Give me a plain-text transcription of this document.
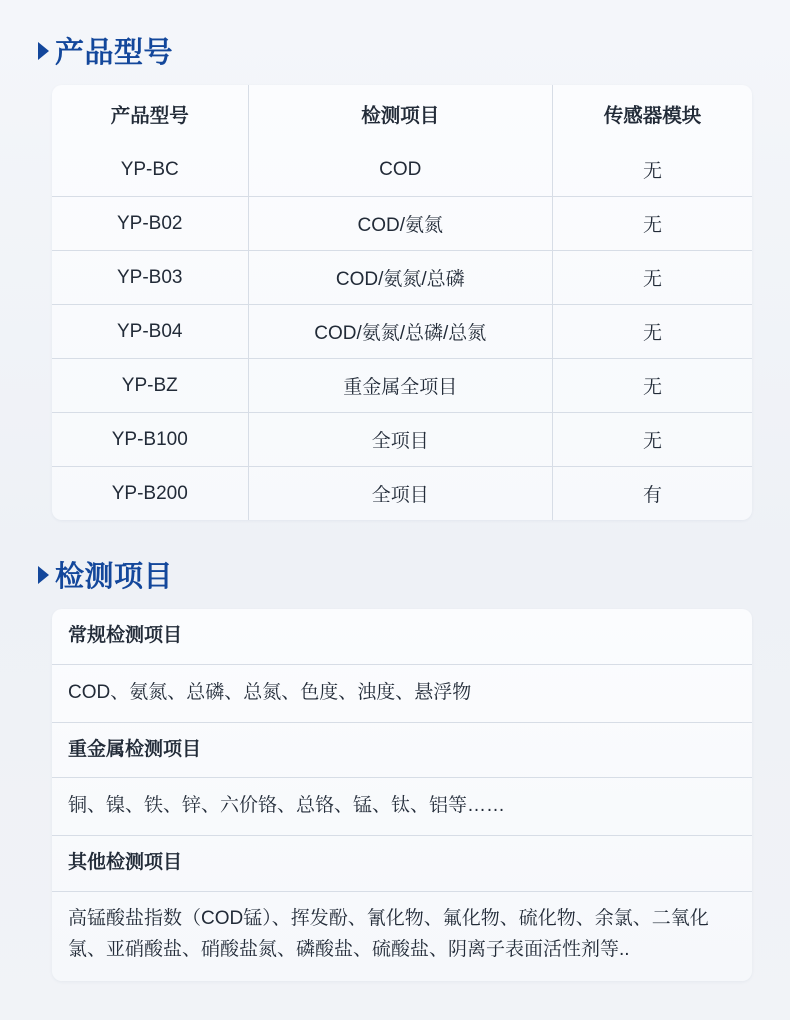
产品型号
产品型号	检测项目	传感器模块
YP-BC	COD	无
YP-B02	COD/氨氮	无
YP-B03	COD/氨氮/总磷	无
YP-B04	COD/氨氮/总磷/总氮	无
YP-BZ	重金属全项目	无
YP-B100	全项目	无
YP-B200	全项目	有
检测项目
常规检测项目
COD、氨氮、总磷、总氮、色度、浊度、悬浮物
重金属检测项目
铜、镍、铁、锌、六价铬、总铬、锰、钛、铝等……
其他检测项目
高锰酸盐指数（COD锰）、挥发酚、氰化物、氟化物、硫化物、余氯、二氧化氯、亚硝酸盐、硝酸盐氮、磷酸盐、硫酸盐、阴离子表面活性剂等..
